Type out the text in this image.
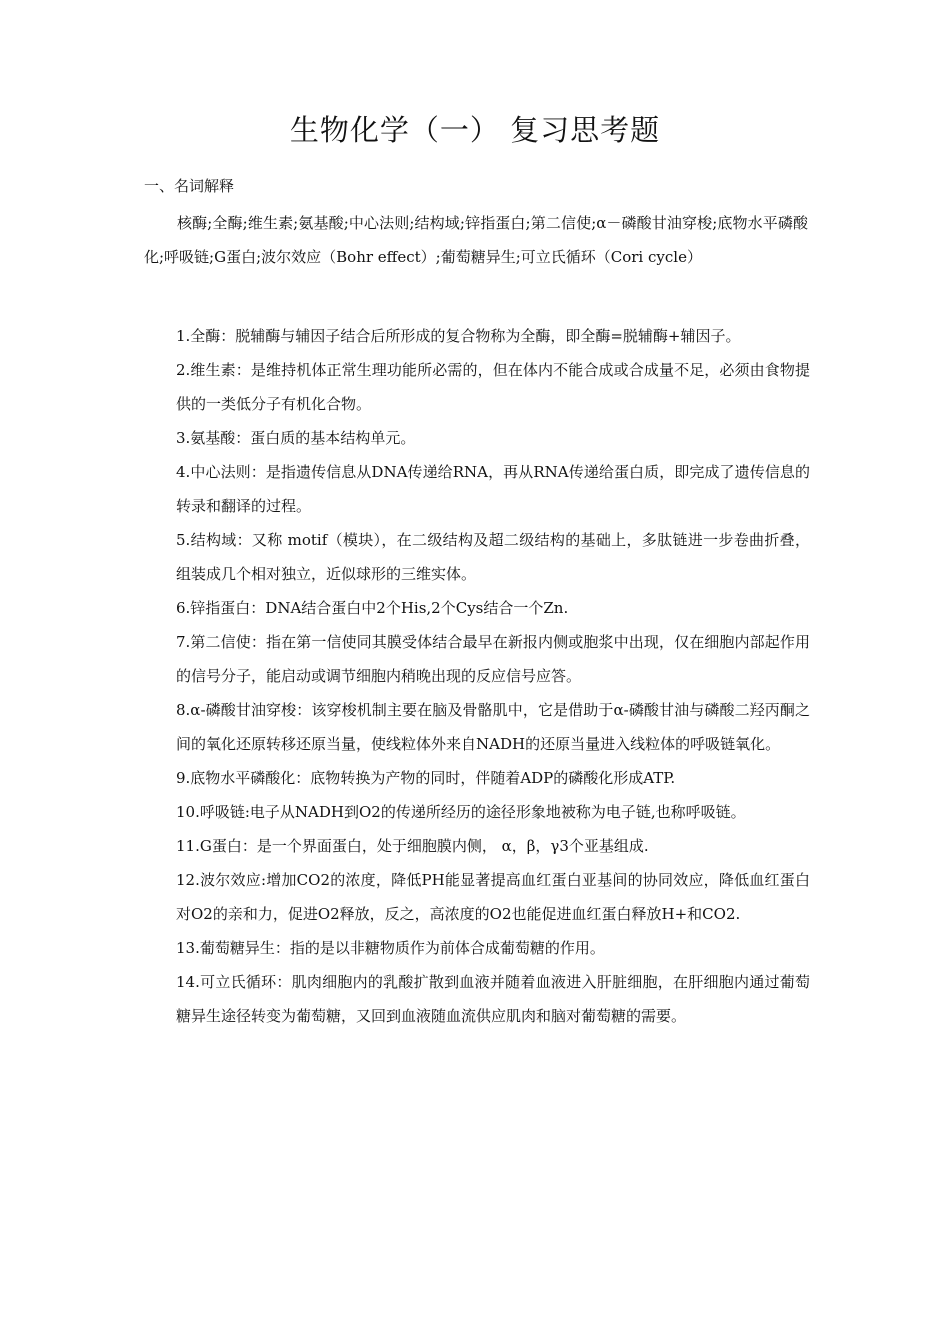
生物化学（一） 复习思考题
一、名词解释
核酶;全酶;维生素;氨基酸;中心法则;结构域;锌指蛋白;第二信使;α－磷酸甘油穿梭;底物水平磷酸化;呼吸链;G蛋白;波尔效应（Bohr effect）;葡萄糖异生;可立氏循环（Cori cycle）
1.全酶：脱辅酶与辅因子结合后所形成的复合物称为全酶，即全酶=脱辅酶+辅因子。
2.维生素：是维持机体正常生理功能所必需的，但在体内不能合成或合成量不足，必须由食物提供的一类低分子有机化合物。
3.氨基酸：蛋白质的基本结构单元。
4.中心法则：是指遗传信息从DNA传递给RNA，再从RNA传递给蛋白质，即完成了遗传信息的转录和翻译的过程。
5.结构域：又称 motif（模块），在二级结构及超二级结构的基础上，多肽链进一步卷曲折叠，组装成几个相对独立，近似球形的三维实体。
6.锌指蛋白：DNA结合蛋白中2个His,2个Cys结合一个Zn.
7.第二信使：指在第一信使同其膜受体结合最早在新报内侧或胞浆中出现，仅在细胞内部起作用的信号分子，能启动或调节细胞内稍晚出现的反应信号应答。
8.α-磷酸甘油穿梭：该穿梭机制主要在脑及骨骼肌中，它是借助于α-磷酸甘油与磷酸二羟丙酮之间的氧化还原转移还原当量，使线粒体外来自NADH的还原当量进入线粒体的呼吸链氧化。
9.底物水平磷酸化：底物转换为产物的同时，伴随着ADP的磷酸化形成ATP.
10.呼吸链:电子从NADH到O2的传递所经历的途径形象地被称为电子链,也称呼吸链。
11.G蛋白：是一个界面蛋白，处于细胞膜内侧， α，β，γ3个亚基组成.
12.波尔效应:增加CO2的浓度，降低PH能显著提高血红蛋白亚基间的协同效应，降低血红蛋白对O2的亲和力，促进O2释放，反之，高浓度的O2也能促进血红蛋白释放H+和CO2.
13.葡萄糖异生：指的是以非糖物质作为前体合成葡萄糖的作用。
14.可立氏循环：肌肉细胞内的乳酸扩散到血液并随着血液进入肝脏细胞，在肝细胞内通过葡萄糖异生途径转变为葡萄糖，又回到血液随血流供应肌肉和脑对葡萄糖的需要。
